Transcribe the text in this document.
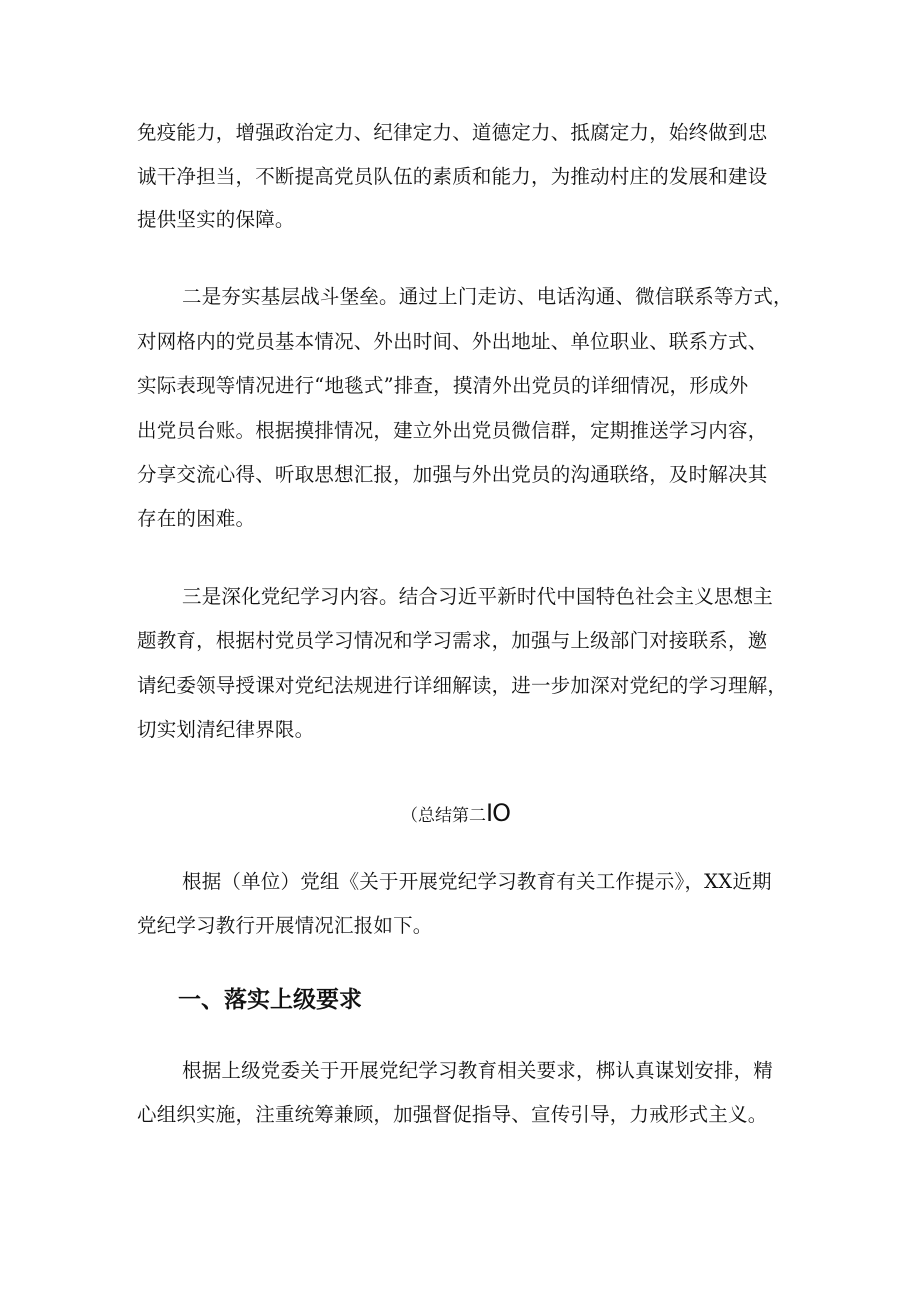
免疫能力，增强政治定力、纪律定力、道德定力、抵腐定力，始终做到忠
诚干净担当，不断提高党员队伍的素质和能力，为推动村庄的发展和建设
提供坚实的保障。
二是夯实基层战斗堡垒。通过上门走访、电话沟通、微信联系等方式，
对网格内的党员基本情况、外出时间、外出地址、单位职业、联系方式、
实际表现等情况进行“地毯式”排查，摸清外出党员的详细情况，形成外
出党员台账。根据摸排情况，建立外出党员微信群，定期推送学习内容，
分享交流心得、听取思想汇报，加强与外出党员的沟通联络，及时解决其
存在的困难。
三是深化党纪学习内容。结合习近平新时代中国特色社会主义思想主
题教育，根据村党员学习情况和学习需求，加强与上级部门对接联系，邀
请纪委领导授课对党纪法规进行详细解读，进一步加深对党纪的学习理解，
切实划清纪律界限。
（总结第二IO
根据（单位）党组《关于开展党纪学习教育有关工作提示》，XX近期
党纪学习教行开展情况汇报如下。
一、落实上级要求
根据上级党委关于开展党纪学习教育相关要求，梆认真谋划安排，精
心组织实施，注重统筹兼顾，加强督促指导、宣传引导，力戒形式主义。
